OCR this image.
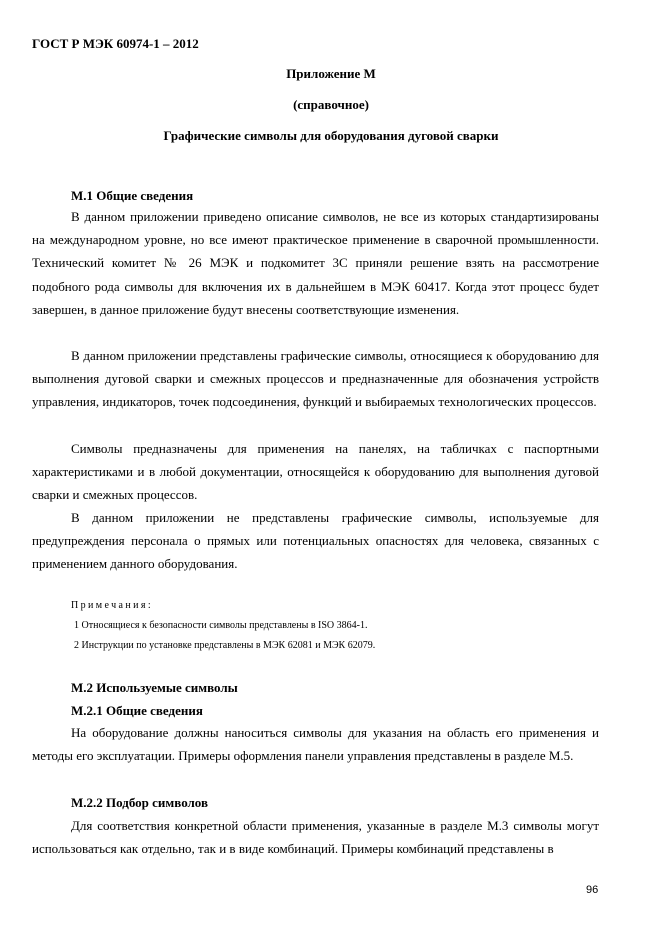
ГОСТ Р МЭК 60974-1 – 2012
Приложение М
(справочное)
Графические символы для оборудования дуговой сварки
М.1 Общие сведения

В данном приложении приведено описание символов, не все из которых стандартизированы на международном уровне, но все имеют практическое применение в сварочной промышленности. Технический комитет № 26 МЭК и подкомитет 3С приняли решение взять на рассмотрение подобного рода символы для включения их в дальнейшем в МЭК 60417. Когда этот процесс будет завершен, в данное приложение будут внесены соответствующие изменения.

В данном приложении представлены графические символы, относящиеся к оборудованию для выполнения дуговой сварки и смежных процессов и предназначенные для обозначения устройств управления, индикаторов, точек подсоединения, функций и выбираемых технологических процессов.

Символы предназначены для применения на панелях, на табличках с паспортными характеристиками и в любой документации, относящейся к оборудованию для выполнения дуговой сварки и смежных процессов.

В данном приложении не представлены графические символы, используемые для предупреждения персонала о прямых или потенциальных опасностях для человека, связанных с применением данного оборудования.

Примечания:
1 Относящиеся к безопасности символы представлены в ISO 3864-1.
2 Инструкции по установке представлены в МЭК 62081 и МЭК 62079.
М.2 Используемые символы
М.2.1 Общие сведения

На оборудование должны наноситься символы для указания на область его применения и методы его эксплуатации. Примеры оформления панели управления представлены в разделе М.5.

М.2.2 Подбор символов

Для соответствия конкретной области применения, указанные в разделе М.3 символы могут использоваться как отдельно, так и в виде комбинаций. Примеры комбинаций представлены в

96
